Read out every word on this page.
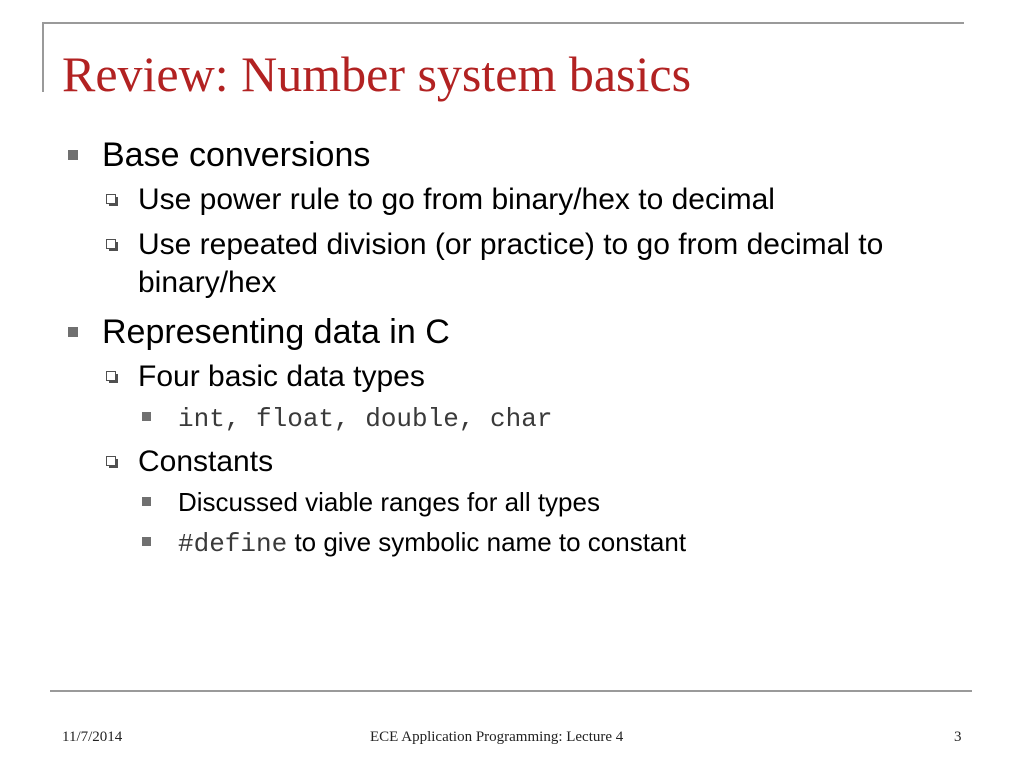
Review: Number system basics
Base conversions
Use power rule to go from binary/hex to decimal
Use repeated division (or practice) to go from decimal to binary/hex
Representing data in C
Four basic data types
int, float, double, char
Constants
Discussed viable ranges for all types
#define to give symbolic name to constant
11/7/2014	ECE Application Programming: Lecture 4	3
